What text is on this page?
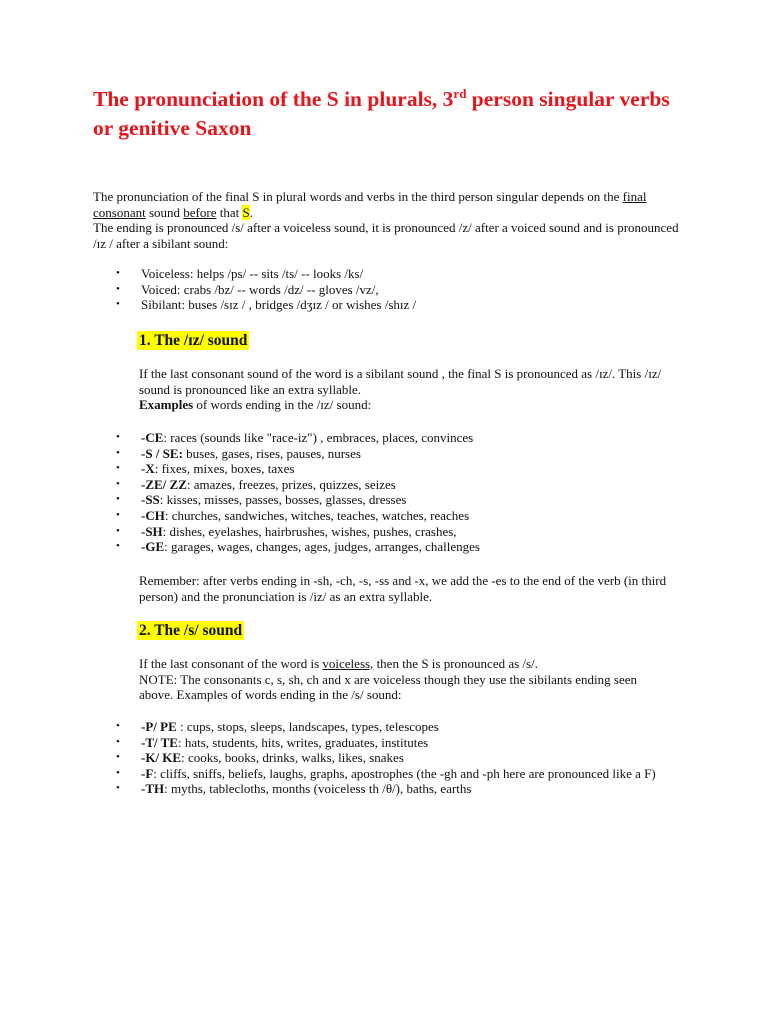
The pronunciation of the S in plurals, 3rd person singular verbs or genitive Saxon

The pronunciation of the final S in plural words and verbs in the third person singular depends on the final consonant sound before that S.
The ending is pronounced /s/ after a voiceless sound, it is pronounced /z/ after a voiced sound and is pronounced /ɪz / after a sibilant sound:

• Voiceless: helps /ps/ -- sits /ts/ -- looks /ks/
• Voiced: crabs /bz/ -- words /dz/ -- gloves /vz/,
• Sibilant: buses /sɪz / , bridges /dʒɪz / or wishes /shɪz /
1. The /ɪz/ sound

If the last consonant sound of the word is a sibilant sound , the final S is pronounced as /ɪz/. This /ɪz/ sound is pronounced like an extra syllable.
Examples of words ending in the /ɪz/ sound:

• -CE: races (sounds like "race-iz") , embraces, places, convinces
• -S / SE: buses, gases, rises, pauses, nurses
• -X: fixes, mixes, boxes, taxes
• -ZE/ ZZ: amazes, freezes, prizes, quizzes, seizes
• -SS: kisses, misses, passes, bosses, glasses, dresses
• -CH: churches, sandwiches, witches, teaches, watches, reaches
• -SH: dishes, eyelashes, hairbrushes, wishes, pushes, crashes,
• -GE: garages, wages, changes, ages, judges, arranges, challenges

Remember: after verbs ending in -sh, -ch, -s, -ss and -x, we add the -es to the end of the verb (in third person) and the pronunciation is /iz/ as an extra syllable.

2. The /s/ sound

If the last consonant of the word is voiceless, then the S is pronounced as /s/.
NOTE: The consonants c, s, sh, ch and x are voiceless though they use the sibilants ending seen above. Examples of words ending in the /s/ sound:

• -P/ PE : cups, stops, sleeps, landscapes, types, telescopes
• -T/ TE: hats, students, hits, writes, graduates, institutes
• -K/ KE: cooks, books, drinks, walks, likes, snakes
• -F: cliffs, sniffs, beliefs, laughs, graphs, apostrophes (the -gh and -ph here are pronounced like a F)
• -TH: myths, tablecloths, months (voiceless th /θ/), baths, earths
